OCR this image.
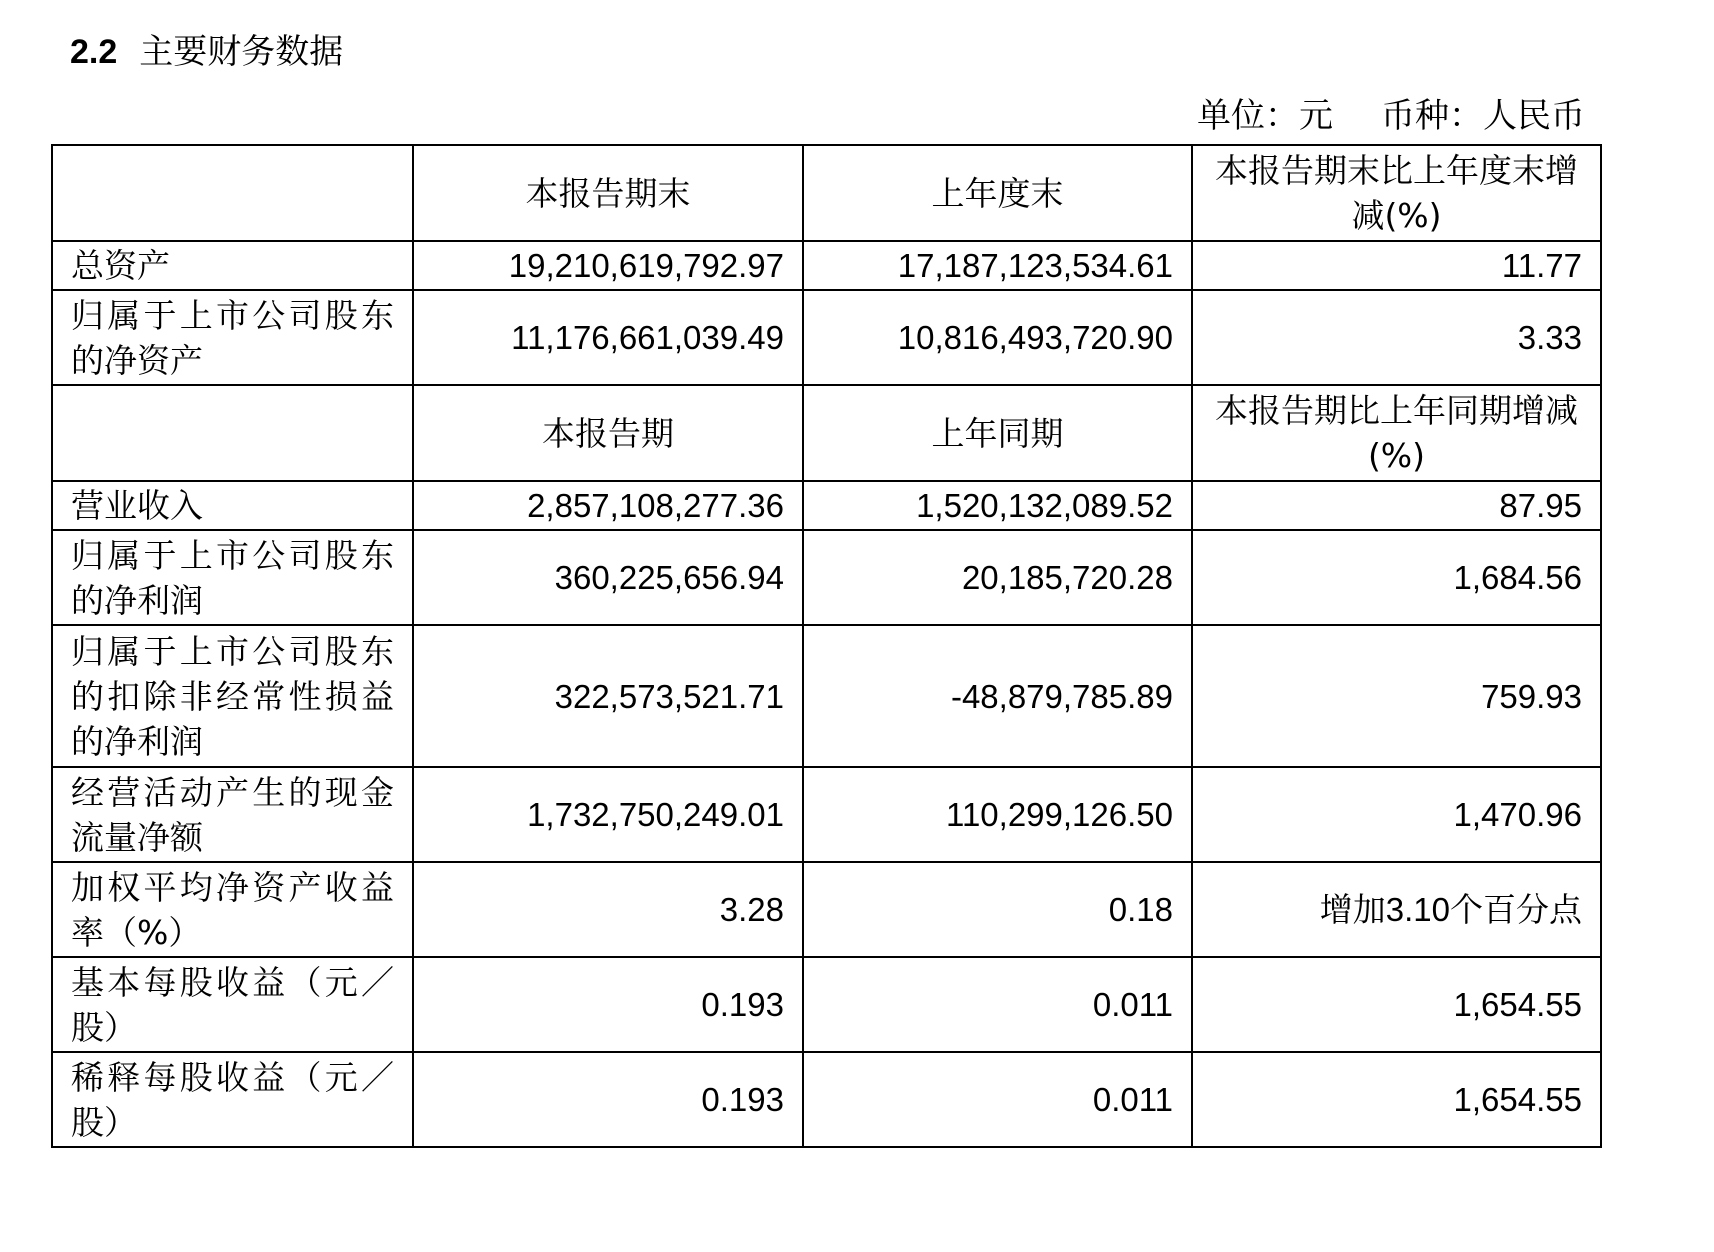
2.2 主要财务数据
单位：元 币种：人民币
	本报告期末	上年度末	本报告期末比上年度末增减(%)
总资产	19,210,619,792.97	17,187,123,534.61	11.77
归属于上市公司股东的净资产	11,176,661,039.49	10,816,493,720.90	3.33
	本报告期	上年同期	本报告期比上年同期增减(%)
营业收入	2,857,108,277.36	1,520,132,089.52	87.95
归属于上市公司股东的净利润	360,225,656.94	20,185,720.28	1,684.56
归属于上市公司股东的扣除非经常性损益的净利润	322,573,521.71	-48,879,785.89	759.93
经营活动产生的现金流量净额	1,732,750,249.01	110,299,126.50	1,470.96
加权平均净资产收益率（%）	3.28	0.18	增加3.10个百分点
基本每股收益（元／股）	0.193	0.011	1,654.55
稀释每股收益（元／股）	0.193	0.011	1,654.55
